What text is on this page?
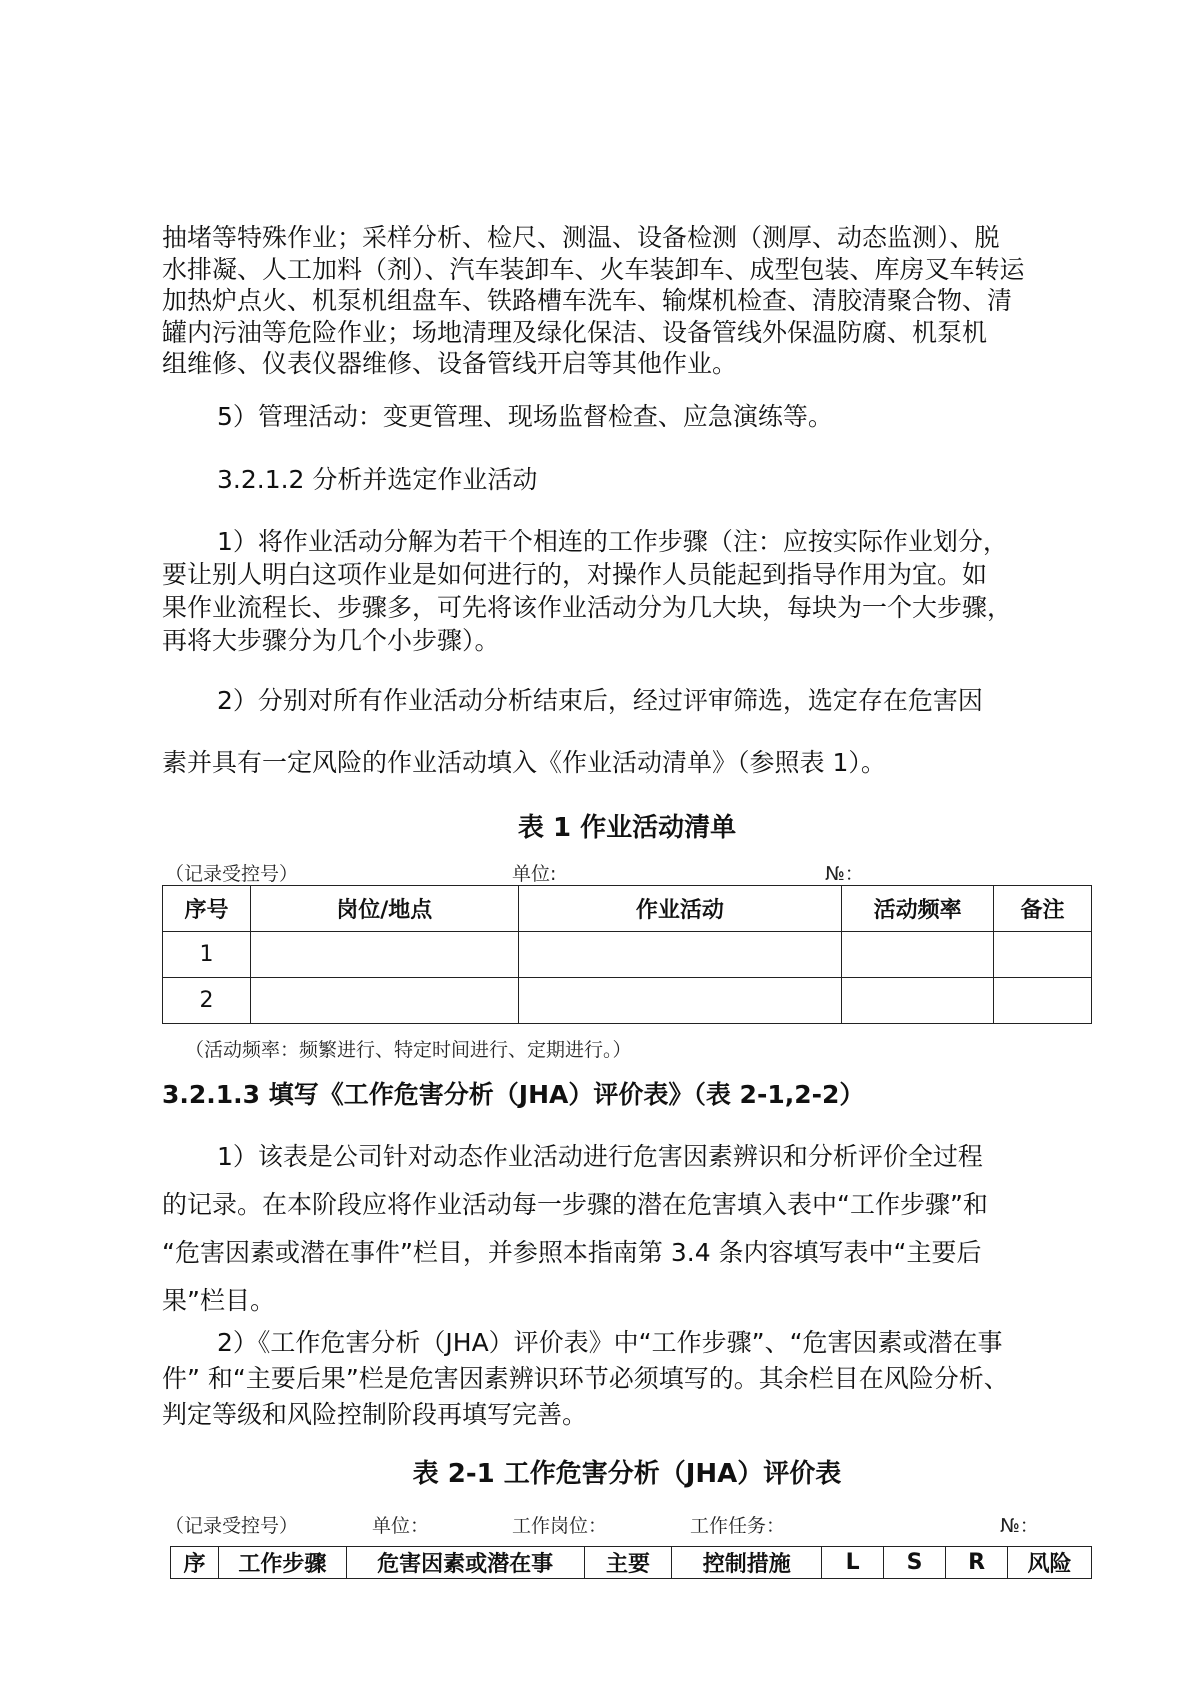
抽堵等特殊作业；采样分析、检尺、测温、设备检测（测厚、动态监测）、脱
水排凝、人工加料（剂）、汽车装卸车、火车装卸车、成型包装、库房叉车转运
加热炉点火、机泵机组盘车、铁路槽车洗车、输煤机检查、清胶清聚合物、清
罐内污油等危险作业；场地清理及绿化保洁、设备管线外保温防腐、机泵机
组维修、仪表仪器维修、设备管线开启等其他作业。
5）管理活动：变更管理、现场监督检查、应急演练等。
3.2.1.2 分析并选定作业活动
1）将作业活动分解为若干个相连的工作步骤（注：应按实际作业划分，
要让别人明白这项作业是如何进行的，对操作人员能起到指导作用为宜。如
果作业流程长、步骤多，可先将该作业活动分为几大块，每块为一个大步骤，
再将大步骤分为几个小步骤）。
2）分别对所有作业活动分析结束后，经过评审筛选，选定存在危害因
素并具有一定风险的作业活动填入《作业活动清单》（参照表 1）。
表 1 作业活动清单
（记录受控号）	单位:	№：
序号	岗位/地点	作业活动	活动频率	备注
1				
2				
（活动频率：频繁进行、特定时间进行、定期进行。）
3.2.1.3 填写《工作危害分析（JHA）评价表》（表 2-1,2-2）
1）该表是公司针对动态作业活动进行危害因素辨识和分析评价全过程
的记录。在本阶段应将作业活动每一步骤的潜在危害填入表中“工作步骤”和
“危害因素或潜在事件”栏目，并参照本指南第 3.4 条内容填写表中“主要后
果”栏目。
2）《工作危害分析（JHA）评价表》中“工作步骤”、“危害因素或潜在事
件” 和“主要后果”栏是危害因素辨识环节必须填写的。其余栏目在风险分析、
判定等级和风险控制阶段再填写完善。
表 2-1 工作危害分析（JHA）评价表
（记录受控号）	单位：	工作岗位：	工作任务：	№：
序	工作步骤	危害因素或潜在事	主要	控制措施	L	S	R	风险
